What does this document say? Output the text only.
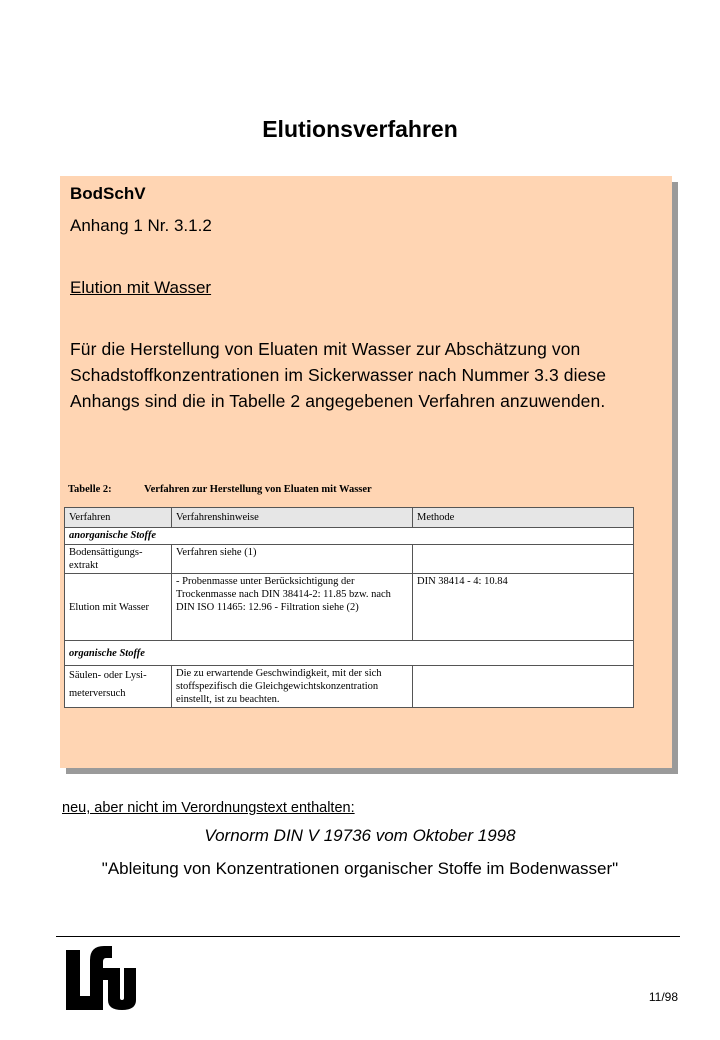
Elutionsverfahren
BodSchV
Anhang 1 Nr. 3.1.2
Elution mit Wasser
Für die Herstellung von Eluaten mit Wasser zur Abschätzung von Schadstoffkonzentrationen im Sickerwasser nach Nummer 3.3 diese Anhangs sind die in Tabelle 2 angegebenen Verfahren anzuwenden.
Tabelle 2:	Verfahren zur Herstellung von Eluaten mit Wasser
Verfahren	Verfahrenshinweise	Methode
anorganische Stoffe		
Bodensättigungs-extrakt	Verfahren siehe (1)	
Elution mit Wasser	- Probenmasse unter Berücksichtigung der Trockenmasse nach DIN 38414-2: 11.85 bzw. nach DIN ISO 11465: 12.96 - Filtration siehe (2)	DIN 38414 - 4: 10.84
organische Stoffe		
Säulen- oder Lysi-meterversuch	Die zu erwartende Geschwindigkeit, mit der sich stoffspezifisch die Gleichgewichtskonzentration einstellt, ist zu beachten.	
neu, aber nicht im Verordnungstext enthalten:
Vornorm DIN V 19736 vom Oktober 1998
"Ableitung von Konzentrationen organischer Stoffe im Bodenwasser"
11/98
